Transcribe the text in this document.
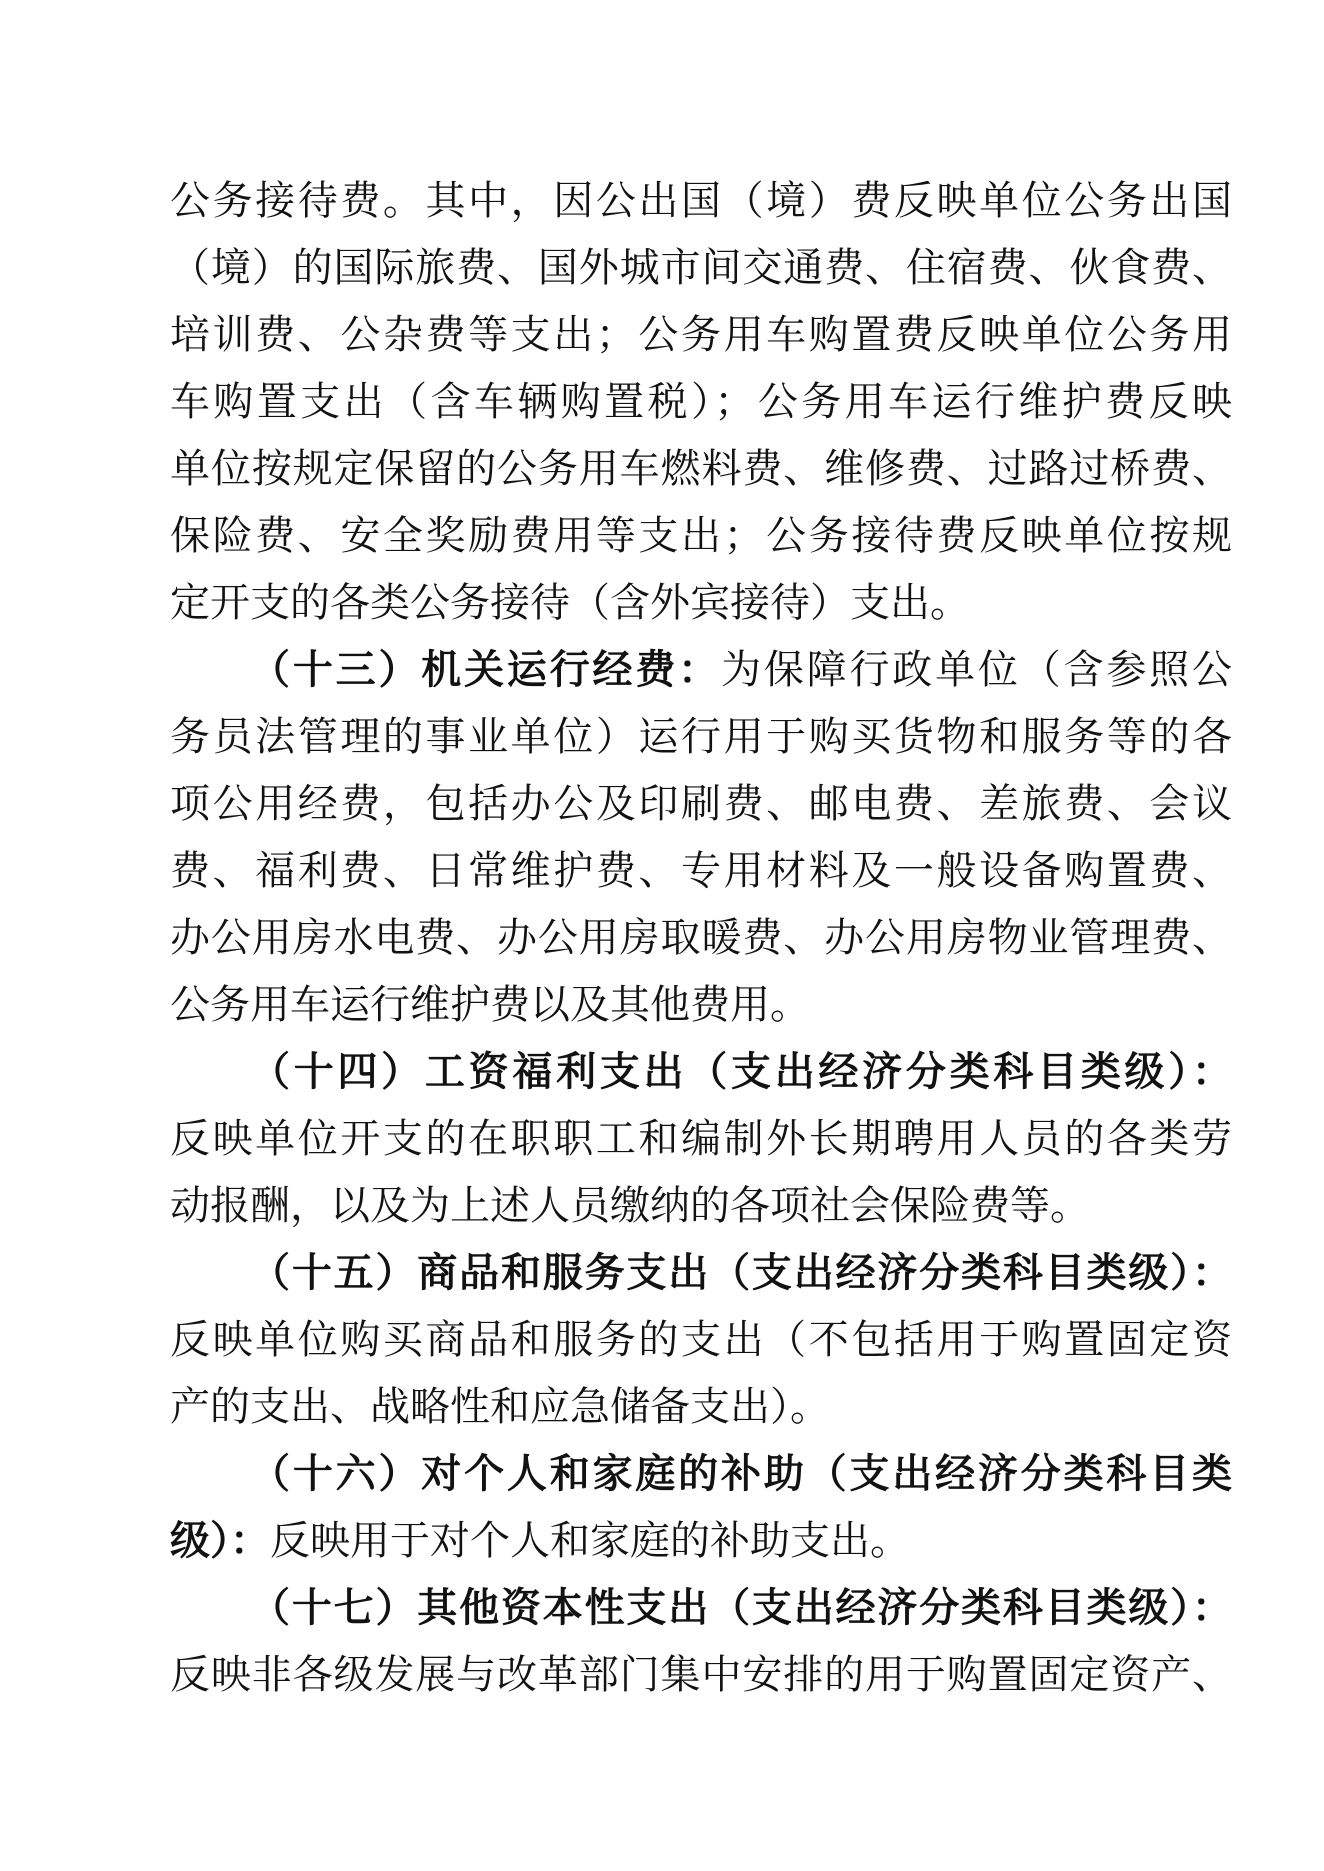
公务接待费。其中，因公出国（境）费反映单位公务出国
（境）的国际旅费、国外城市间交通费、住宿费、伙食费、
培训费、公杂费等支出；公务用车购置费反映单位公务用
车购置支出（含车辆购置税）；公务用车运行维护费反映
单位按规定保留的公务用车燃料费、维修费、过路过桥费、
保险费、安全奖励费用等支出；公务接待费反映单位按规
定开支的各类公务接待（含外宾接待）支出。
（十三）机关运行经费：为保障行政单位（含参照公
务员法管理的事业单位）运行用于购买货物和服务等的各
项公用经费，包括办公及印刷费、邮电费、差旅费、会议
费、福利费、日常维护费、专用材料及一般设备购置费、
办公用房水电费、办公用房取暖费、办公用房物业管理费、
公务用车运行维护费以及其他费用。
（十四）工资福利支出（支出经济分类科目类级）：
反映单位开支的在职职工和编制外长期聘用人员的各类劳
动报酬，以及为上述人员缴纳的各项社会保险费等。
（十五）商品和服务支出（支出经济分类科目类级）：
反映单位购买商品和服务的支出（不包括用于购置固定资
产的支出、战略性和应急储备支出）。
（十六）对个人和家庭的补助（支出经济分类科目类
级）：反映用于对个人和家庭的补助支出。
（十七）其他资本性支出（支出经济分类科目类级）：
反映非各级发展与改革部门集中安排的用于购置固定资产、
